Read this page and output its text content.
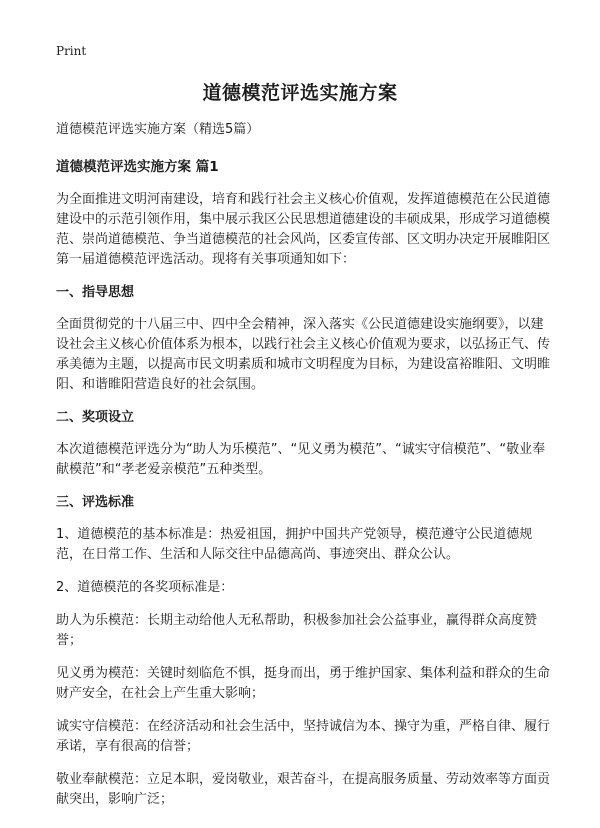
Print
道德模范评选实施方案

道德模范评选实施方案（精选5篇）

道德模范评选实施方案 篇1

为全面推进文明河南建设，培育和践行社会主义核心价值观，发挥道德模范在公民道德建设中的示范引领作用，集中展示我区公民思想道德建设的丰硕成果，形成学习道德模范、崇尚道德模范、争当道德模范的社会风尚，区委宣传部、区文明办决定开展睢阳区第一届道德模范评选活动。现将有关事项通知如下：

一、指导思想

全面贯彻党的十八届三中、四中全会精神，深入落实《公民道德建设实施纲要》，以建设社会主义核心价值体系为根本，以践行社会主义核心价值观为要求，以弘扬正气、传承美德为主题，以提高市民文明素质和城市文明程度为目标，为建设富裕睢阳、文明睢阳、和谐睢阳营造良好的社会氛围。

二、奖项设立

本次道德模范评选分为“助人为乐模范”、“见义勇为模范”、“诚实守信模范”、“敬业奉献模范”和“孝老爱亲模范”五种类型。

三、评选标准

1、道德模范的基本标准是：热爱祖国，拥护中国共产党领导，模范遵守公民道德规范，在日常工作、生活和人际交往中品德高尚、事迹突出、群众公认。

2、道德模范的各奖项标准是：

助人为乐模范：长期主动给他人无私帮助，积极参加社会公益事业，赢得群众高度赞誉；

见义勇为模范：关键时刻临危不惧，挺身而出，勇于维护国家、集体利益和群众的生命财产安全，在社会上产生重大影响；

诚实守信模范：在经济活动和社会生活中，坚持诚信为本、操守为重，严格自律、履行承诺，享有很高的信誉；

敬业奉献模范：立足本职，爱岗敬业，艰苦奋斗，在提高服务质量、劳动效率等方面贡献突出，影响广泛；
